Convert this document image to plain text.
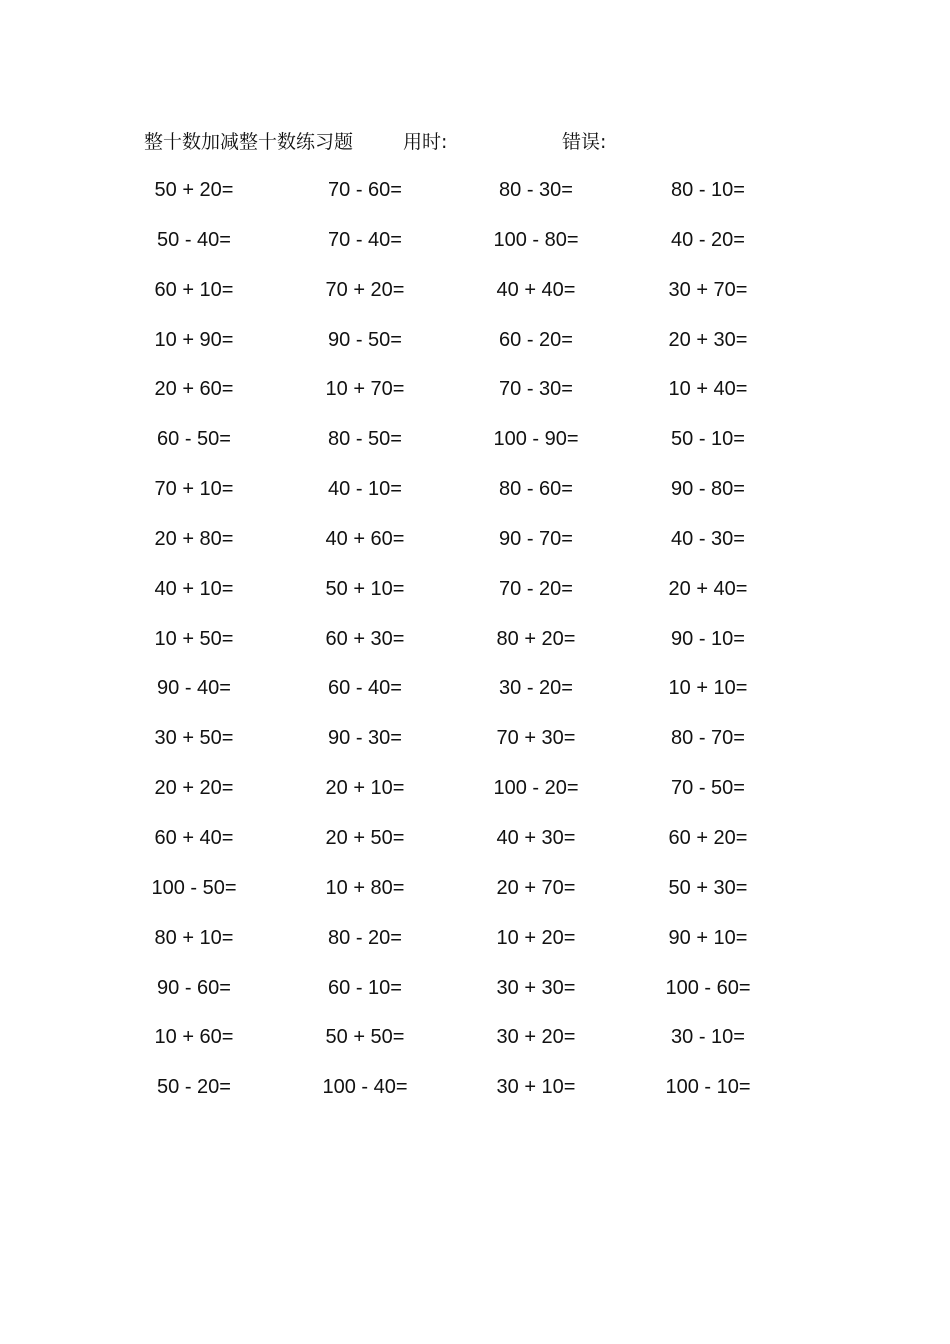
整十数加减整十数练习题	用时:	错误:
50 + 20=	70 - 60=	80 - 30=	80 - 10=
50 - 40=	70 - 40=	100 - 80=	40 - 20=
60 + 10=	70 + 20=	40 + 40=	30 + 70=
10 + 90=	90 - 50=	60 - 20=	20 + 30=
20 + 60=	10 + 70=	70 - 30=	10 + 40=
60 - 50=	80 - 50=	100 - 90=	50 - 10=
70 + 10=	40 - 10=	80 - 60=	90 - 80=
20 + 80=	40 + 60=	90 - 70=	40 - 30=
40 + 10=	50 + 10=	70 - 20=	20 + 40=
10 + 50=	60 + 30=	80 + 20=	90 - 10=
90 - 40=	60 - 40=	30 - 20=	10 + 10=
30 + 50=	90 - 30=	70 + 30=	80 - 70=
20 + 20=	20 + 10=	100 - 20=	70 - 50=
60 + 40=	20 + 50=	40 + 30=	60 + 20=
100 - 50=	10 + 80=	20 + 70=	50 + 30=
80 + 10=	80 - 20=	10 + 20=	90 + 10=
90 - 60=	60 - 10=	30 + 30=	100 - 60=
10 + 60=	50 + 50=	30 + 20=	30 - 10=
50 - 20=	100 - 40=	30 + 10=	100 - 10=
